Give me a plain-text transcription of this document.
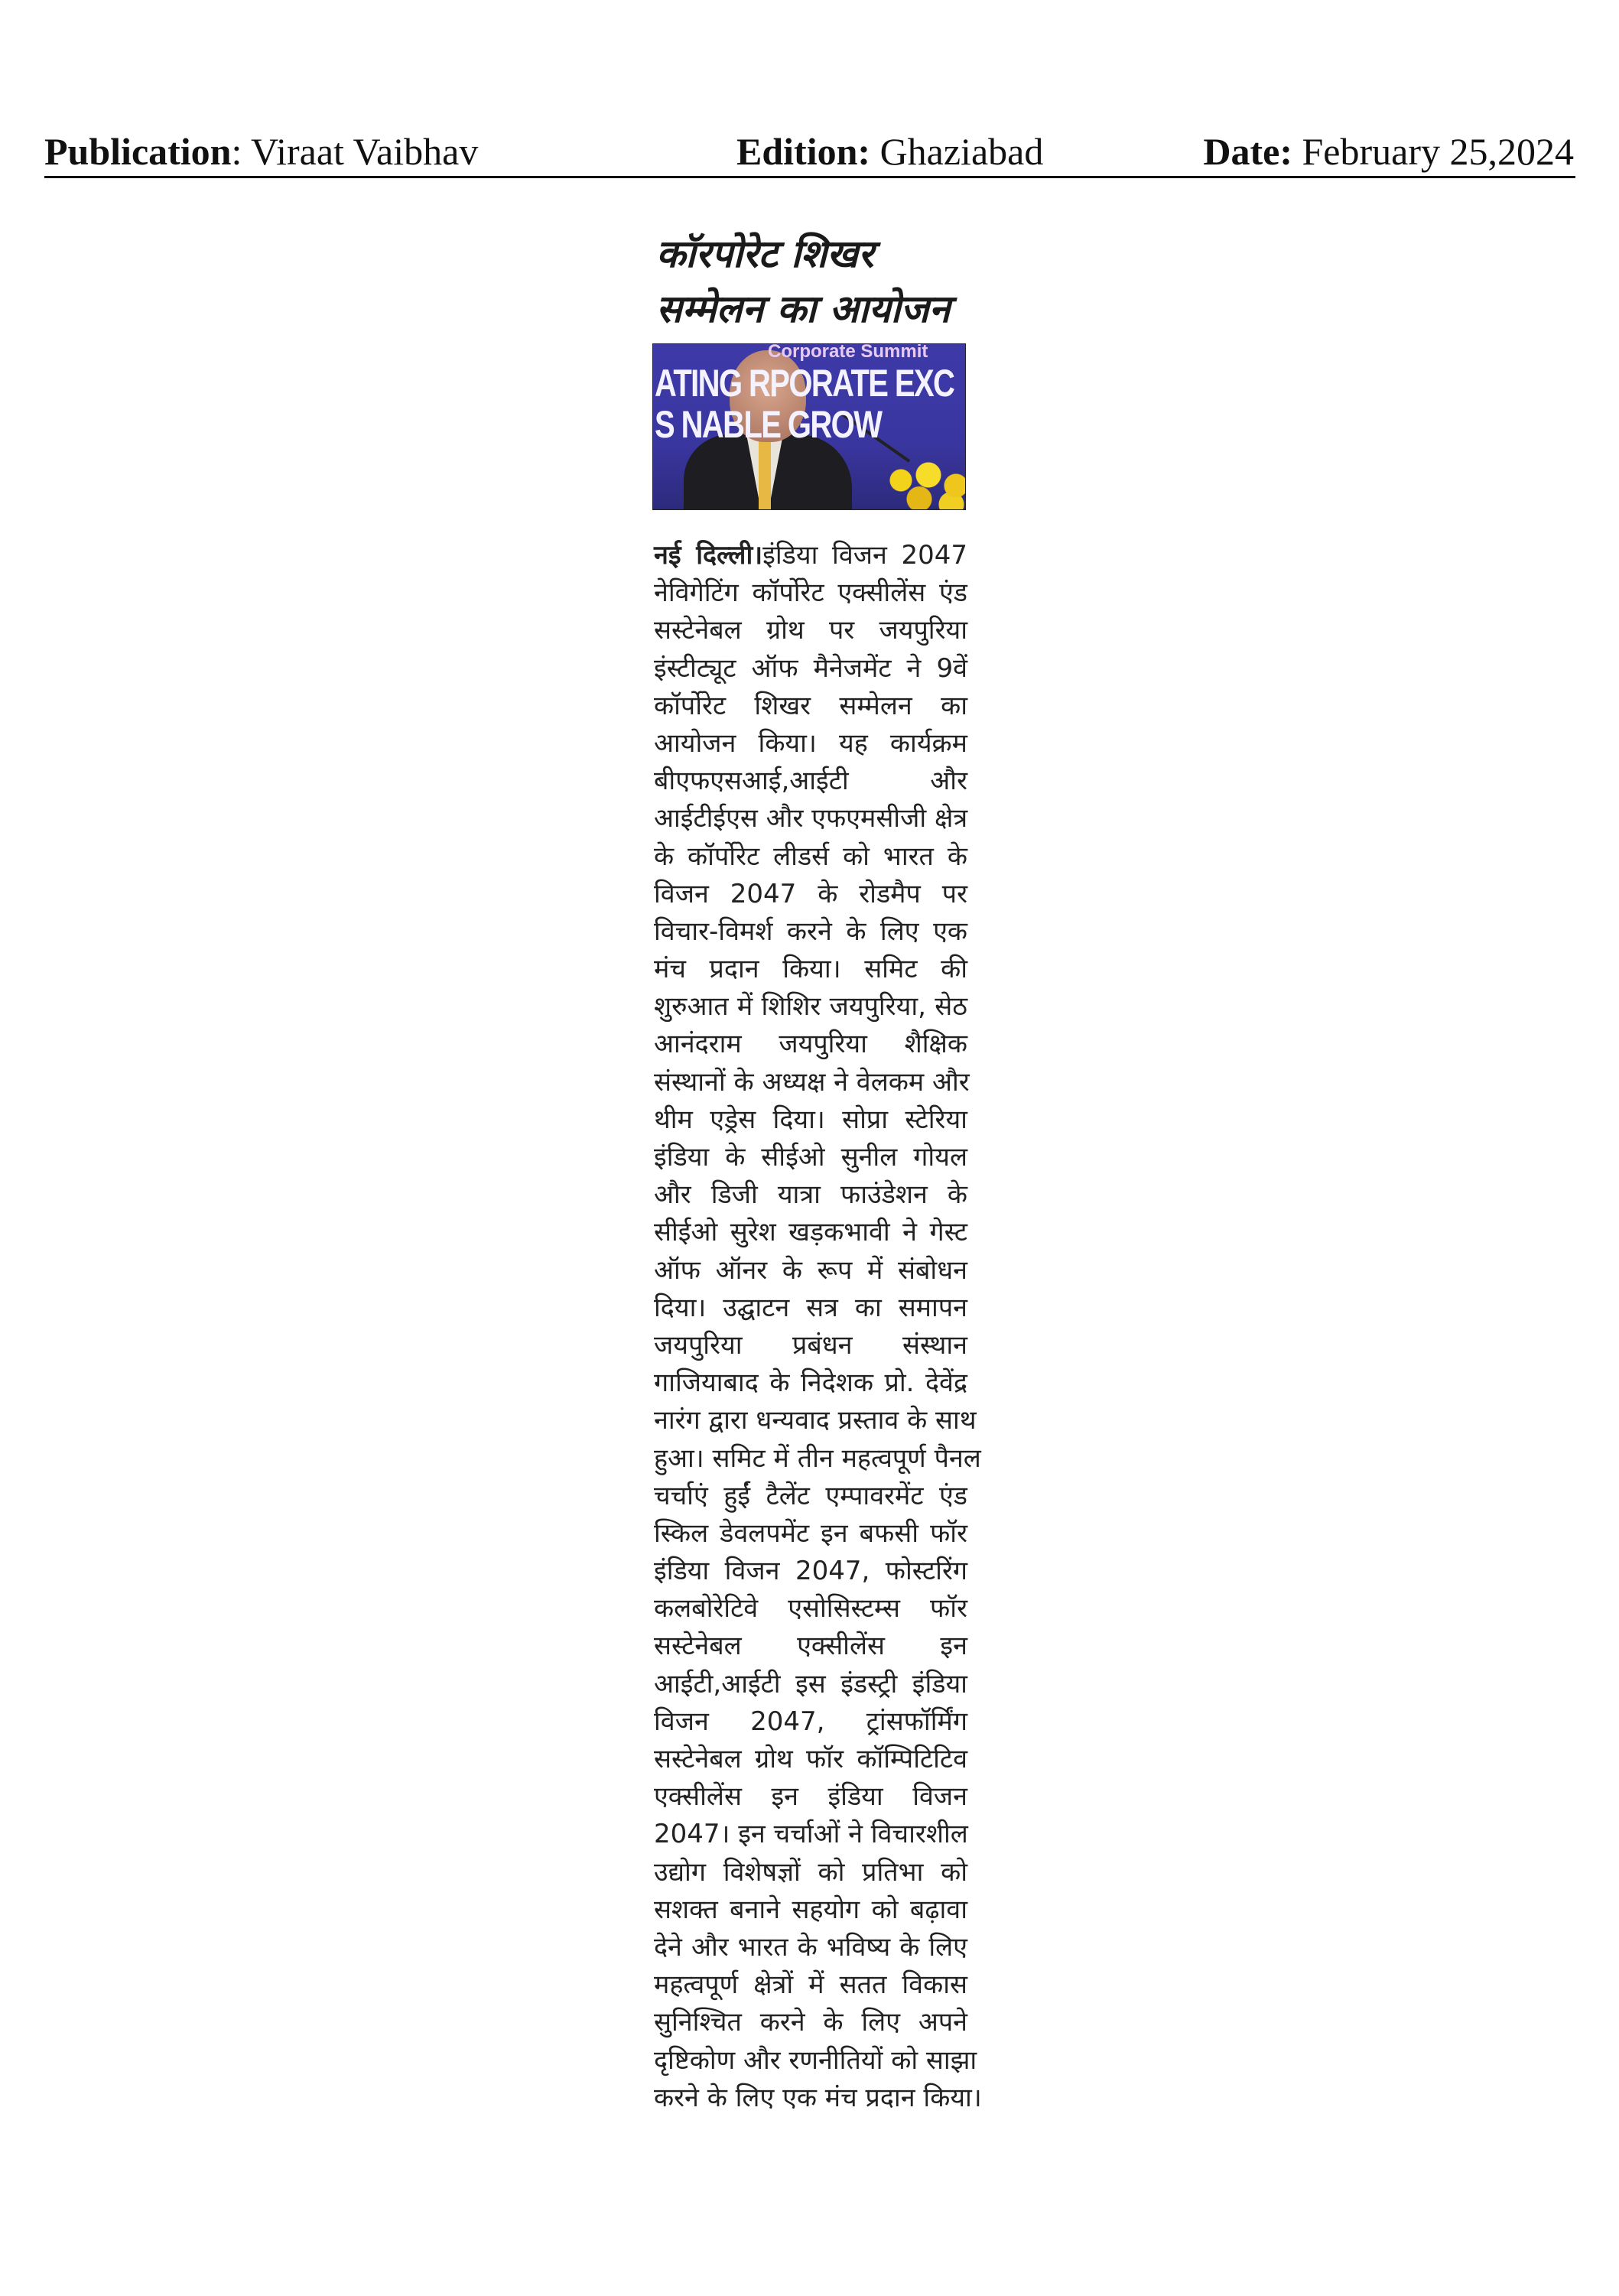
Publication: Viraat Vaibhav	Edition: Ghaziabad	Date: February 25,2024
कॉरपोरेट शिखर
सम्मेलन का आयोजन
Corporate Summit
ATING RPORATE EXC
S NABLE GROW
नई दिल्ली।इंडिया विजन 2047
नेविगेटिंग कॉर्पोरेट एक्सीलेंस एंड
सस्टेनेबल ग्रोथ पर जयपुरिया
इंस्टीट्यूट ऑफ मैनेजमेंट ने 9वें
कॉर्पोरेट शिखर सम्मेलन का
आयोजन किया। यह कार्यक्रम
बीएफएसआई,आईटी और
आईटीईएस और एफएमसीजी क्षेत्र
के कॉर्पोरेट लीडर्स को भारत के
विजन 2047 के रोडमैप पर
विचार-विमर्श करने के लिए एक
मंच प्रदान किया। समिट की
शुरुआत में शिशिर जयपुरिया, सेठ
आनंदराम जयपुरिया शैक्षिक
संस्थानों के अध्यक्ष ने वेलकम और
थीम एड्रेस दिया। सोप्रा स्टेरिया
इंडिया के सीईओ सुनील गोयल
और डिजी यात्रा फाउंडेशन के
सीईओ सुरेश खड़कभावी ने गेस्ट
ऑफ ऑनर के रूप में संबोधन
दिया। उद्घाटन सत्र का समापन
जयपुरिया प्रबंधन संस्थान
गाजियाबाद के निदेशक प्रो. देवेंद्र
नारंग द्वारा धन्यवाद प्रस्ताव के साथ
हुआ। समिट में तीन महत्वपूर्ण पैनल
चर्चाएं हुईं टैलेंट एम्पावरमेंट एंड
स्किल डेवलपमेंट इन बफसी फॉर
इंडिया विजन 2047, फोस्टरिंग
कलबोरेटिवे एसोसिस्टम्स फॉर
सस्टेनेबल एक्सीलेंस इन
आईटी,आईटी इस इंडस्ट्री इंडिया
विजन 2047, ट्रांसफॉर्मिंग
सस्टेनेबल ग्रोथ फॉर कॉम्पिटिटिव
एक्सीलेंस इन इंडिया विजन
2047। इन चर्चाओं ने विचारशील
उद्योग विशेषज्ञों को प्रतिभा को
सशक्त बनाने सहयोग को बढ़ावा
देने और भारत के भविष्य के लिए
महत्वपूर्ण क्षेत्रों में सतत विकास
सुनिश्चित करने के लिए अपने
दृष्टिकोण और रणनीतियों को साझा
करने के लिए एक मंच प्रदान किया।
